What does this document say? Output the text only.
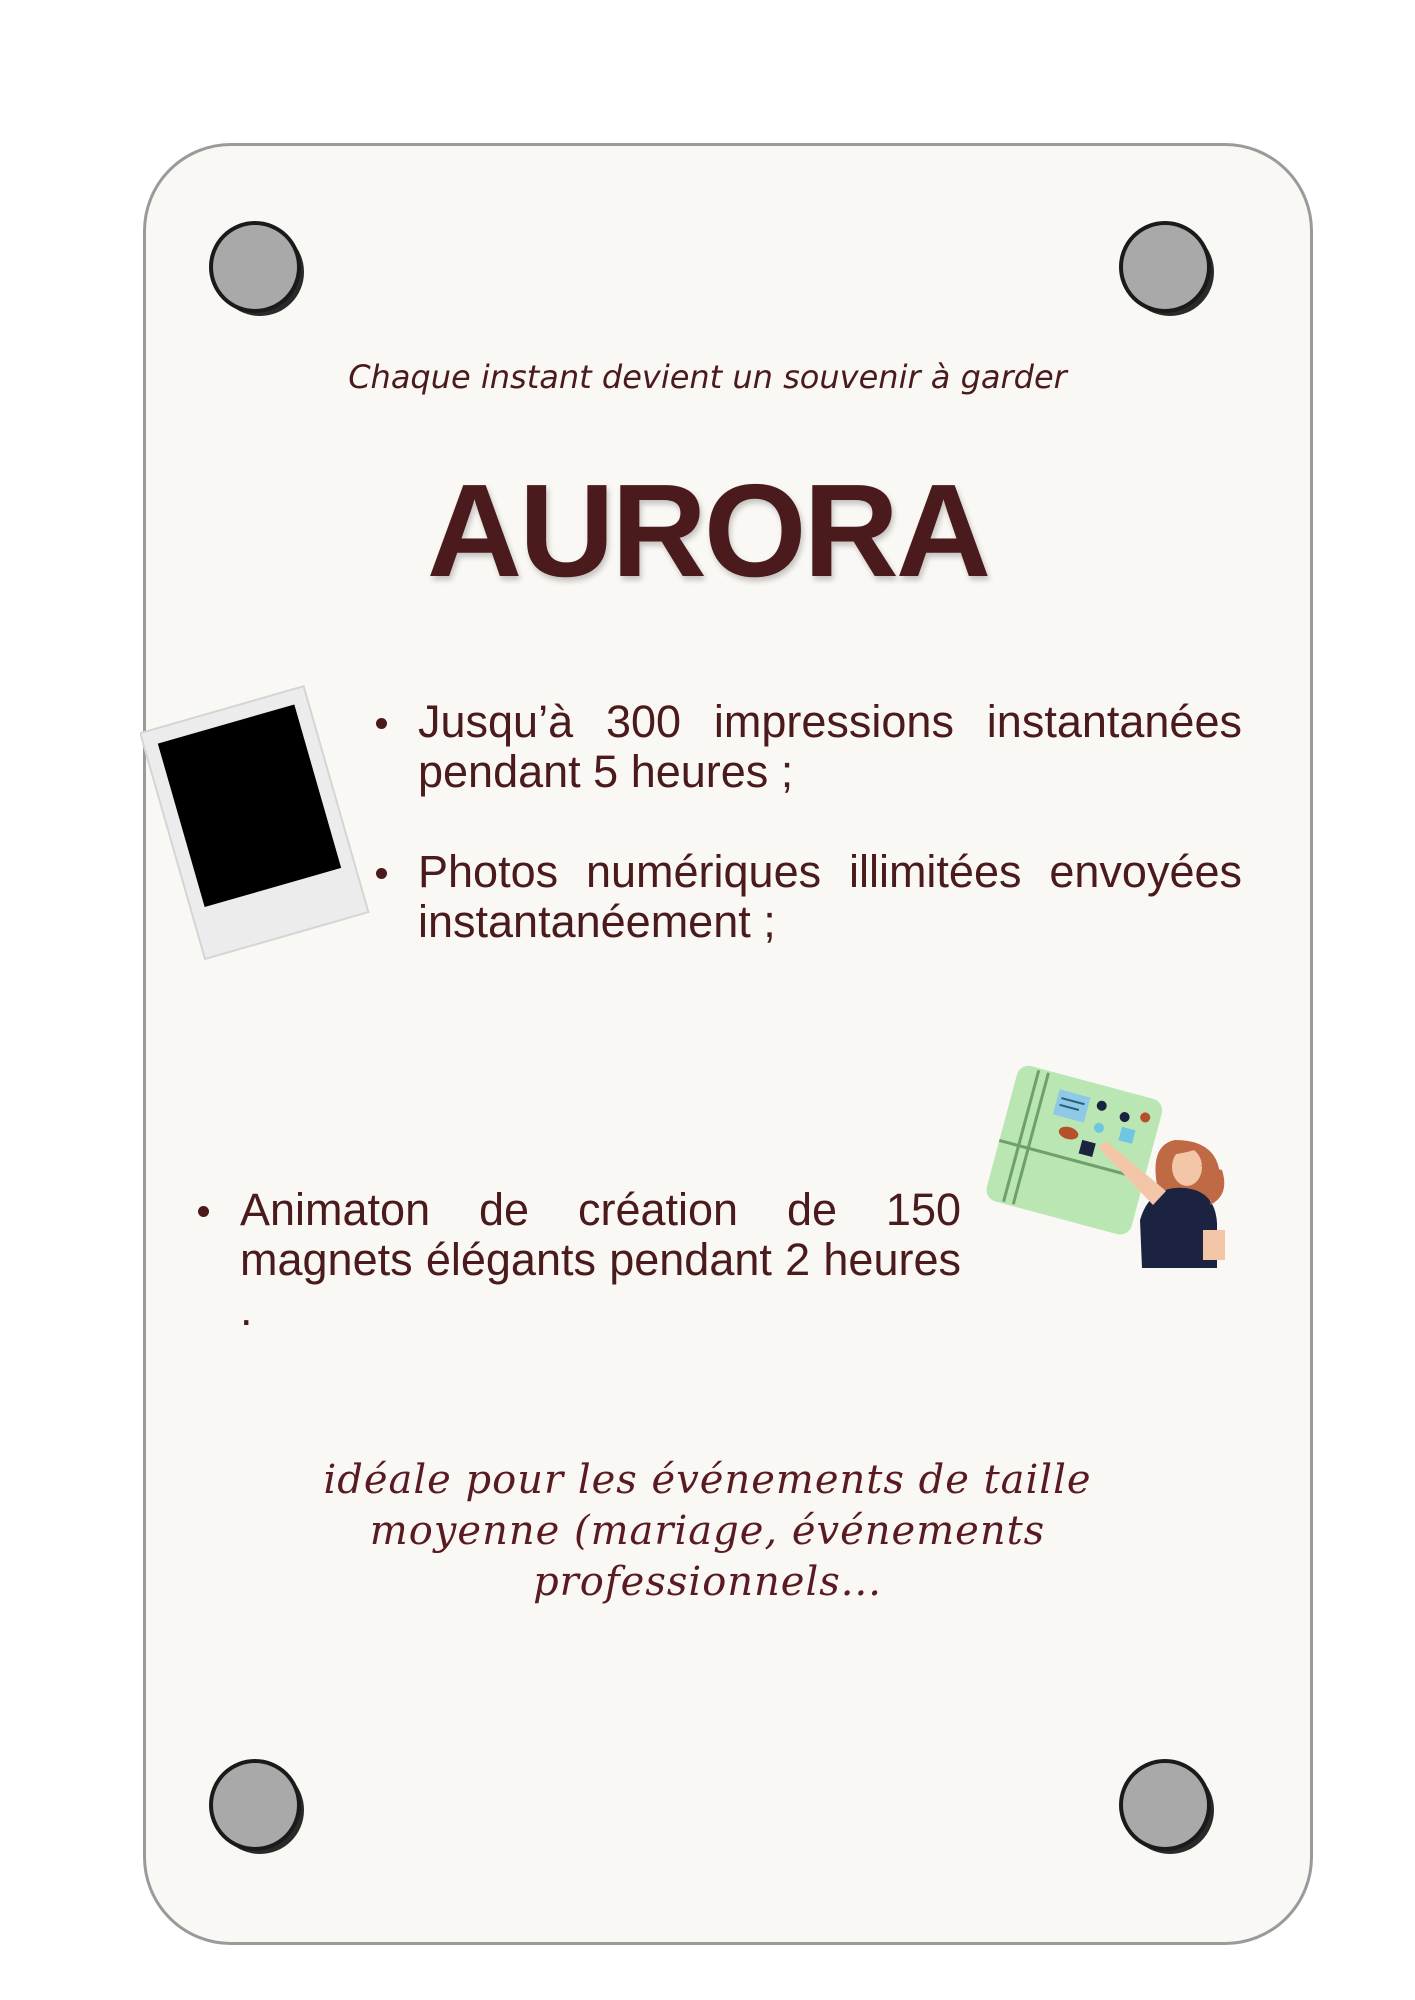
Chaque instant devient un souvenir à garder

AURORA
Jusqu’à 300 impressions instantanées pendant 5 heures ;
Photos numériques illimitées envoyées instantanéement ;
Animaton de création de 150 magnets élégants pendant 2 heures .
idéale pour les événements de taille
moyenne (mariage, événements
professionnels...
